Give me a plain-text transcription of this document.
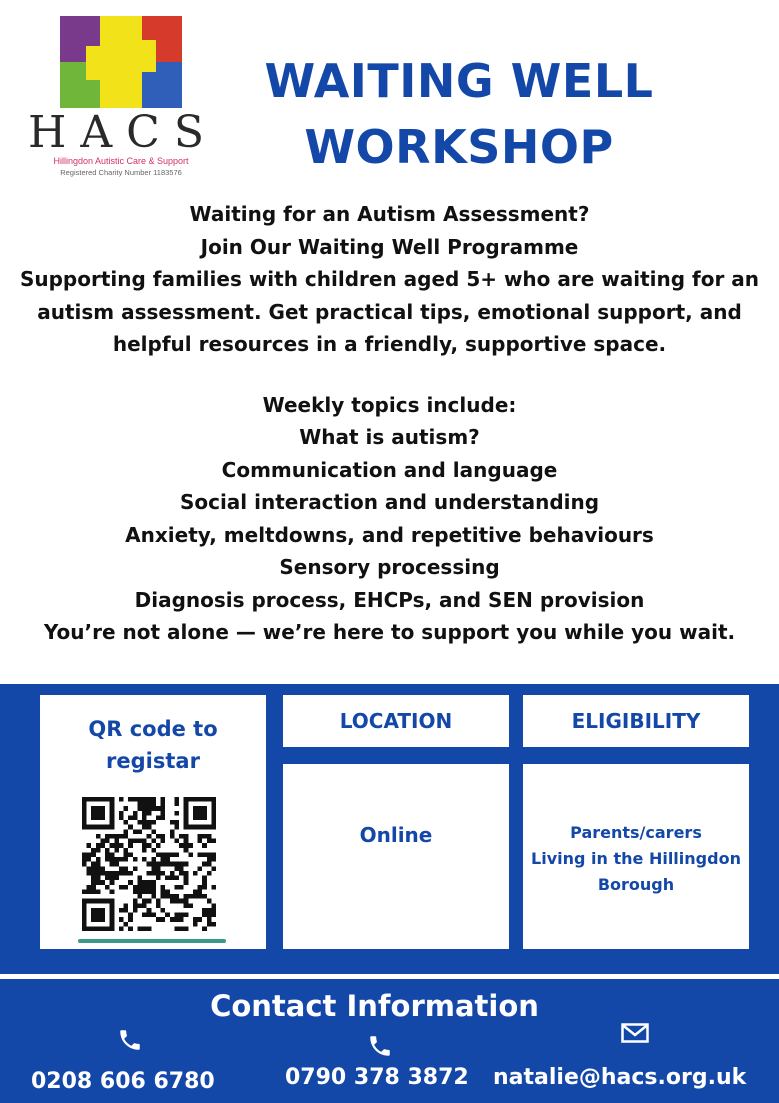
HACS
Hillingdon Autistic Care & Support
Registered Charity Number 1183576
WAITING WELL
WORKSHOP
Waiting for an Autism Assessment?
Join Our Waiting Well Programme
Supporting families with children aged 5+ who are waiting for an
autism assessment. Get practical tips, emotional support, and
helpful resources in a friendly, supportive space.
Weekly topics include:
What is autism?
Communication and language
Social interaction and understanding
Anxiety, meltdowns, and repetitive behaviours
Sensory processing
Diagnosis process, EHCPs, and SEN provision
You’re not alone — we’re here to support you while you wait.
QR code to
registar
LOCATION	ELIGIBILITY
Online	Parents/carers
Living in the Hillingdon
Borough
Contact Information
0208 606 6780	0790 378 3872 natalie@hacs.org.uk
